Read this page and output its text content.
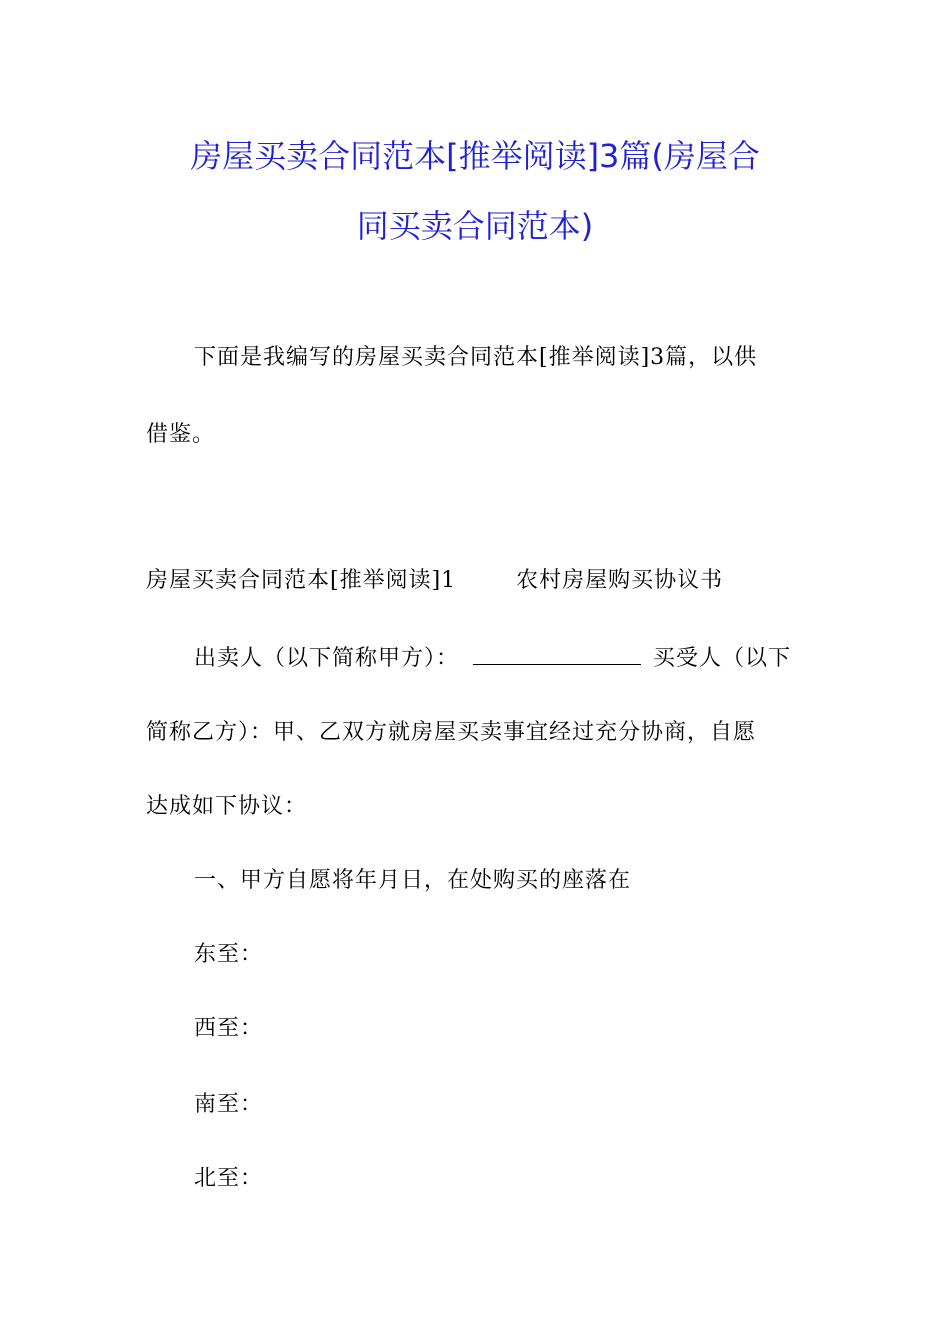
房屋买卖合同范本[推举阅读]3篇(房屋合
同买卖合同范本)
下面是我编写的房屋买卖合同范本[推举阅读]3篇，以供
借鉴。
房屋买卖合同范本[推举阅读]1	农村房屋购买协议书
出卖人（以下简称甲方）：	买受人（以下
简称乙方）：甲、乙双方就房屋买卖事宜经过充分协商，自愿
达成如下协议：
一、甲方自愿将年月日，在处购买的座落在
东至：
西至：
南至：
北至：
